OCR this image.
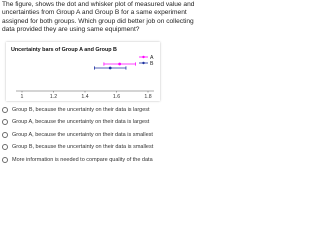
The figure, shows the dot and whisker plot of measured value and uncertainties from Group A and Group B for a same experiment assigned for both groups. Which group did better job on collecting data provided they are using same equipment?

Uncertainty bars of Group A and Group B
1	1.2	1.4	1.6	1.8
A
B
Group B, because the uncertainty on their data is largest
Group A, because the uncertainty on their data is largest
Group A, because the uncertainty on their data is smallest
Group B, because the uncertainty on their data is smallest
More information is needed to compare quality of the data
